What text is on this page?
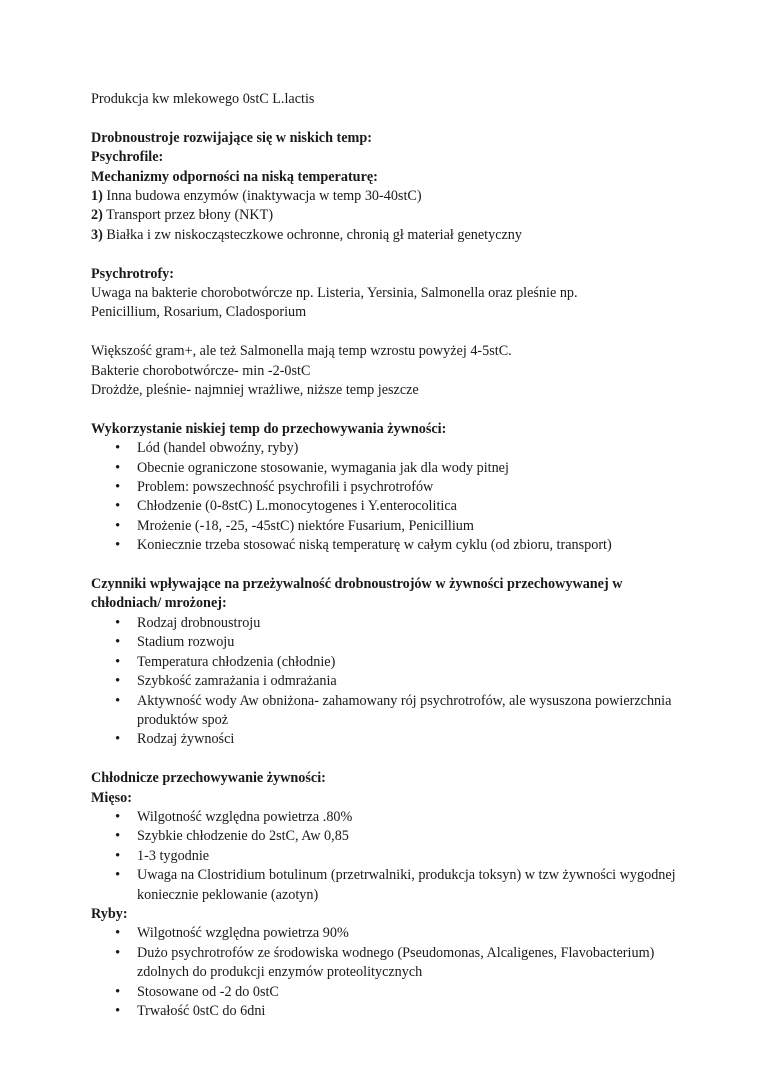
Produkcja kw mlekowego 0stC L.lactis

Drobnoustroje rozwijające się w niskich temp:

Psychrofile:

Mechanizmy odporności na niską temperaturę:

1) Inna budowa enzymów (inaktywacja w temp 30-40stC)

2) Transport przez błony (NKT)

3) Białka i zw niskocząsteczkowe ochronne, chronią gł materiał genetyczny

Psychrotrofy:

Uwaga na bakterie chorobotwórcze np. Listeria, Yersinia, Salmonella oraz pleśnie np.

Penicillium, Rosarium, Cladosporium

Większość gram+, ale też Salmonella mają temp wzrostu powyżej 4-5stC.

Bakterie chorobotwórcze- min -2-0stC

Drożdże, pleśnie- najmniej wrażliwe, niższe temp jeszcze

Wykorzystanie niskiej temp do przechowywania żywności:

• Lód (handel obwoźny, ryby)
• Obecnie ograniczone stosowanie, wymagania jak dla wody pitnej
• Problem: powszechność psychrofili i psychrotrofów
• Chłodzenie (0-8stC) L.monocytogenes i Y.enterocolitica
• Mrożenie (-18, -25, -45stC) niektóre Fusarium, Penicillium
• Koniecznie trzeba stosować niską temperaturę w całym cyklu (od zbioru, transport)

Czynniki wpływające na przeżywalność drobnoustrojów w żywności przechowywanej w

chłodniach/ mrożonej:

• Rodzaj drobnoustroju
• Stadium rozwoju
• Temperatura chłodzenia (chłodnie)
• Szybkość zamrażania i odmrażania
• Aktywność wody Aw obniżona- zahamowany rój psychrotrofów, ale wysuszona powierzchnia produktów spoż
• Rodzaj żywności

Chłodnicze przechowywanie żywności:

Mięso:

• Wilgotność względna powietrza .80%
• Szybkie chłodzenie do 2stC, Aw 0,85
• 1-3 tygodnie
• Uwaga na Clostridium botulinum (przetrwalniki, produkcja toksyn) w tzw żywności wygodnej koniecznie peklowanie (azotyn)

Ryby:

• Wilgotność względna powietrza 90%
• Dużo psychrotrofów ze środowiska wodnego (Pseudomonas, Alcaligenes, Flavobacterium) zdolnych do produkcji enzymów proteolitycznych
• Stosowane od -2 do 0stC
• Trwałość 0stC do 6dni
